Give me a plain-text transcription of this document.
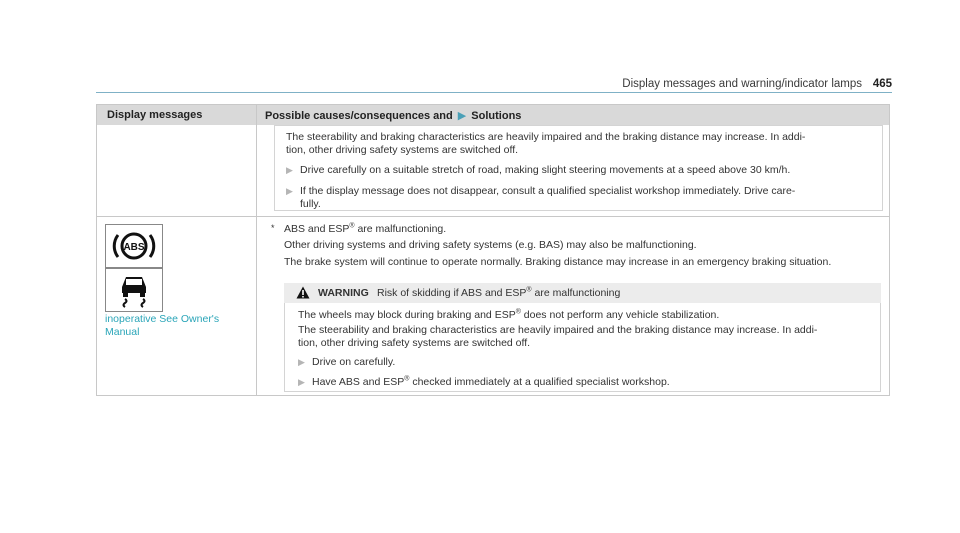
Display messages and warning/indicator lamps 465
Display messages	Possible causes/consequences and ▶ Solutions
The steerability and braking characteristics are heavily impaired and the braking distance may increase. In addi-
tion, other driving safety systems are switched off.
▶ Drive carefully on a suitable stretch of road, making slight steering movements at a speed above 30 km/h.
▶ If the display message does not disappear, consult a qualified specialist workshop immediately. Drive care-
fully.
ABS
inoperative See Owner's
Manual
* ABS and ESP® are malfunctioning.
Other driving systems and driving safety systems (e.g. BAS) may also be malfunctioning.
The brake system will continue to operate normally. Braking distance may increase in an emergency braking situation.
WARNING Risk of skidding if ABS and ESP® are malfunctioning
The wheels may block during braking and ESP® does not perform any vehicle stabilization.
The steerability and braking characteristics are heavily impaired and the braking distance may increase. In addi-
tion, other driving safety systems are switched off.
▶ Drive on carefully.
▶ Have ABS and ESP® checked immediately at a qualified specialist workshop.
